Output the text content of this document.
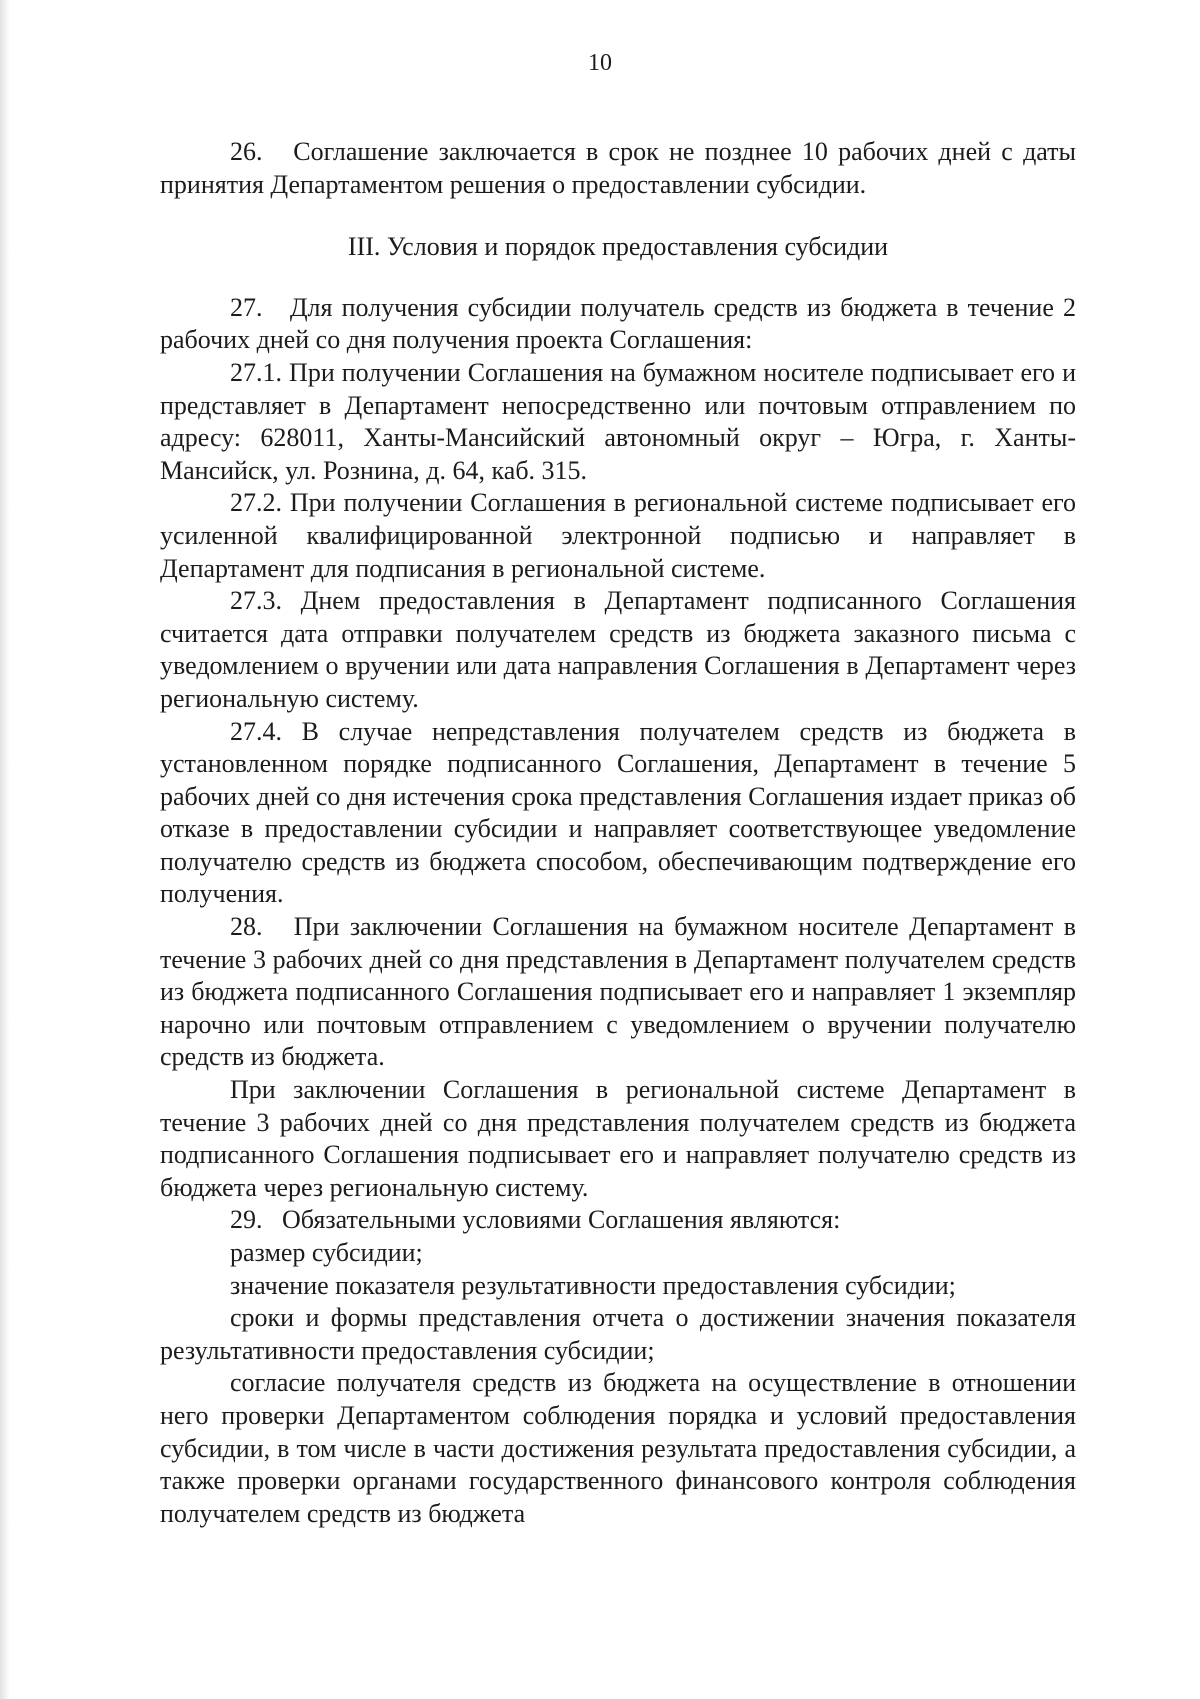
10

26.   Соглашение заключается в срок не позднее 10 рабочих дней с даты принятия Департаментом решения о предоставлении субсидии.

III. Условия и порядок предоставления субсидии

27.   Для получения субсидии получатель средств из бюджета в течение 2 рабочих дней со дня получения проекта Соглашения:

27.1. При получении Соглашения на бумажном носителе подписывает его и представляет в Департамент непосредственно или почтовым отправлением по адресу: 628011, Ханты-Мансийский автономный округ – Югра, г. Ханты-Мансийск, ул. Рознина, д. 64, каб. 315.

27.2. При получении Соглашения в региональной системе подписывает его усиленной квалифицированной электронной подписью и направляет в Департамент для подписания в региональной системе.

27.3. Днем предоставления в Департамент подписанного Соглашения считается дата отправки получателем средств из бюджета заказного письма с уведомлением о вручении или дата направления Соглашения в Департамент через региональную систему.

27.4. В случае непредставления получателем средств из бюджета в установленном порядке подписанного Соглашения, Департамент в течение 5 рабочих дней со дня истечения срока представления Соглашения издает приказ об отказе в предоставлении субсидии и направляет соответствующее уведомление получателю средств из бюджета способом, обеспечивающим подтверждение его получения.

28.   При заключении Соглашения на бумажном носителе Департамент в течение 3 рабочих дней со дня представления в Департамент получателем средств из бюджета подписанного Соглашения подписывает его и направляет 1 экземпляр нарочно или почтовым отправлением с уведомлением о вручении получателю средств из бюджета.

При заключении Соглашения в региональной системе Департамент в течение 3 рабочих дней со дня представления получателем средств из бюджета подписанного Соглашения подписывает его и направляет получателю средств из бюджета через региональную систему.

29.   Обязательными условиями Соглашения являются:

размер субсидии;

значение показателя результативности предоставления субсидии;

сроки и формы представления отчета о достижении значения показателя результативности предоставления субсидии;

согласие получателя средств из бюджета на осуществление в отношении него проверки Департаментом соблюдения порядка и условий предоставления субсидии, в том числе в части достижения результата предоставления субсидии, а также проверки органами государственного финансового контроля соблюдения получателем средств из бюджета
